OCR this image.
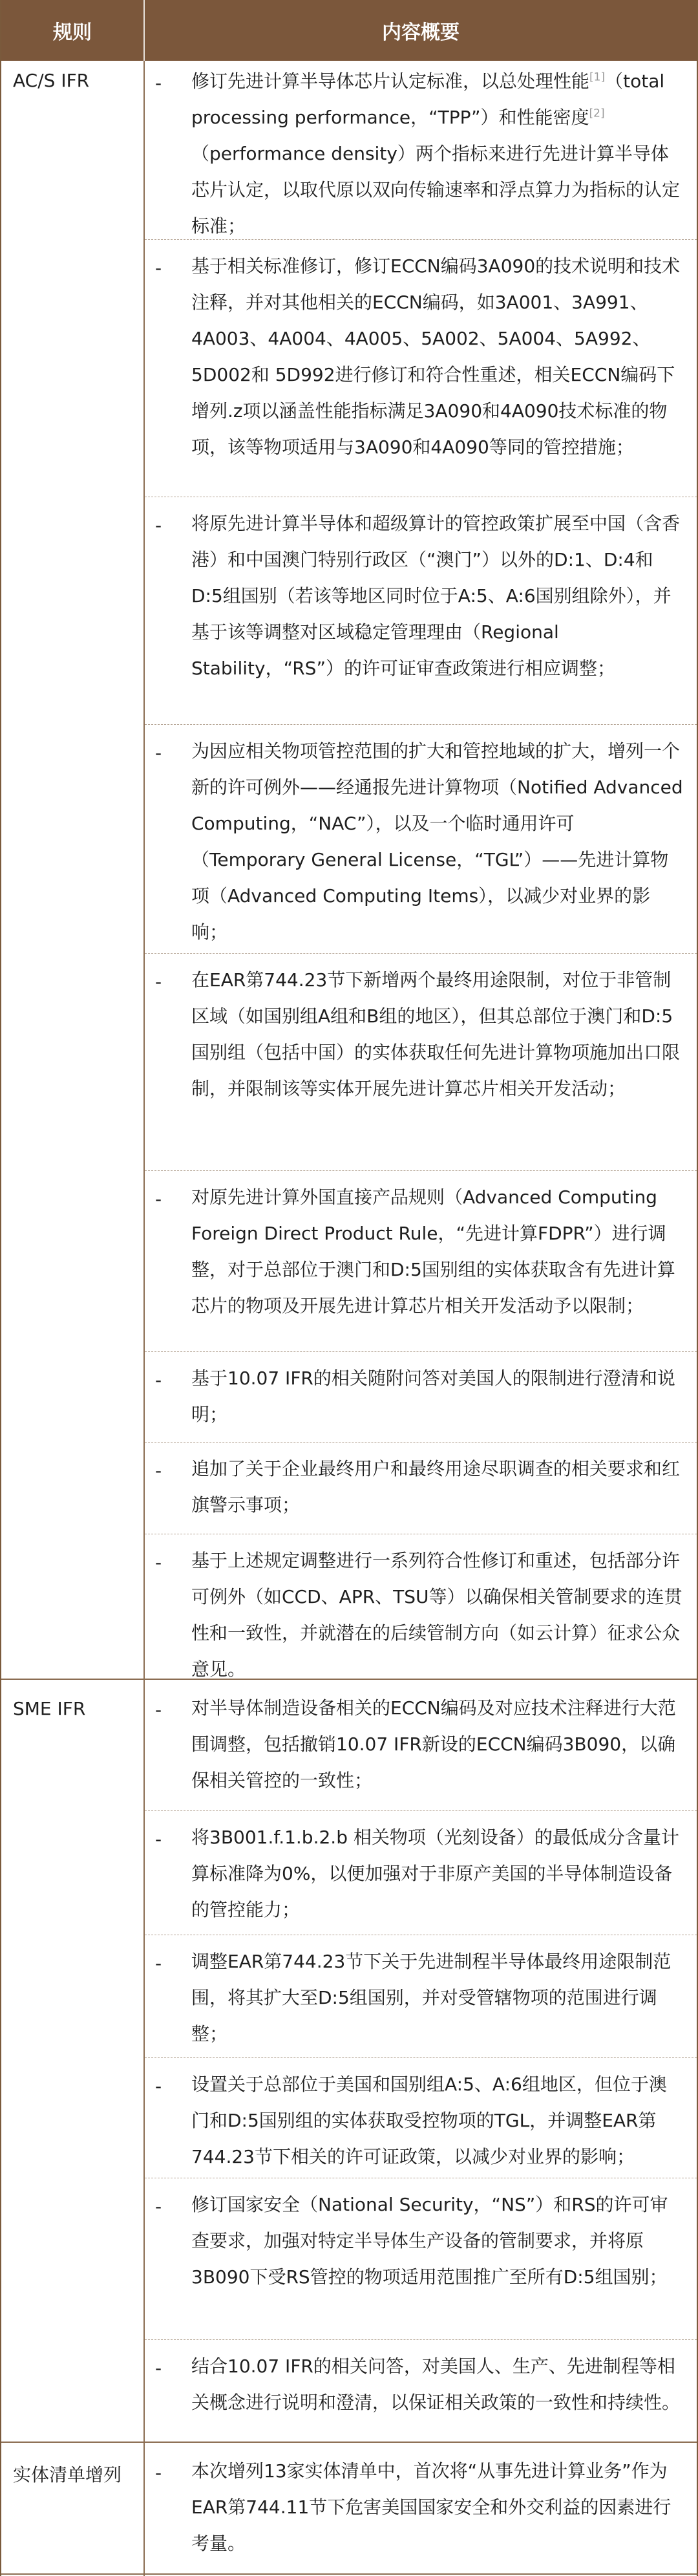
规则	内容概要
AC/S IFR	- 修订先进计算半导体芯片认定标准，以总处理性能[1]（total processing performance，“TPP”）和性能密度[2]（performance density）两个指标来进行先进计算半导体芯片认定，以取代原以双向传输速率和浮点算力为指标的认定标准；
- 基于相关标准修订，修订ECCN编码3A090的技术说明和技术注释，并对其他相关的ECCN编码，如3A001、3A991、 4A003、4A004、4A005、5A002、5A004、5A992、 5D002和 5D992进行修订和符合性重述，相关ECCN编码下增列.z项以涵盖性能指标满足3A090和4A090技术标准的物项，该等物项适用与3A090和4A090等同的管控措施；
- 将原先进计算半导体和超级算计的管控政策扩展至中国（含香港）和中国澳门特别行政区（“澳门”）以外的D:1、D:4和D:5组国别（若该等地区同时位于A:5、A:6国别组除外），并基于该等调整对区域稳定管理理由（Regional Stability，“RS”）的许可证审查政策进行相应调整；
- 为因应相关物项管控范围的扩大和管控地域的扩大，增列一个新的许可例外——经通报先进计算物项（Notified Advanced Computing，“NAC”），以及一个临时通用许可（Temporary General License，“TGL”）——先进计算物项（Advanced Computing Items），以减少对业界的影响；
- 在EAR第744.23节下新增两个最终用途限制，对位于非管制区域（如国别组A组和B组的地区），但其总部位于澳门和D:5国别组（包括中国）的实体获取任何先进计算物项施加出口限制，并限制该等实体开展先进计算芯片相关开发活动；
- 对原先进计算外国直接产品规则（Advanced Computing Foreign Direct Product Rule，“先进计算FDPR”）进行调整，对于总部位于澳门和D:5国别组的实体获取含有先进计算芯片的物项及开展先进计算芯片相关开发活动予以限制；
- 基于10.07 IFR的相关随附问答对美国人的限制进行澄清和说明；
- 追加了关于企业最终用户和最终用途尽职调查的相关要求和红旗警示事项；
- 基于上述规定调整进行一系列符合性修订和重述，包括部分许可例外（如CCD、APR、TSU等）以确保相关管制要求的连贯性和一致性，并就潜在的后续管制方向（如云计算）征求公众意见。
SME IFR	- 对半导体制造设备相关的ECCN编码及对应技术注释进行大范围调整，包括撤销10.07 IFR新设的ECCN编码3B090，以确保相关管控的一致性；
- 将3B001.f.1.b.2.b 相关物项（光刻设备）的最低成分含量计算标准降为0%，以便加强对于非原产美国的半导体制造设备的管控能力；
- 调整EAR第744.23节下关于先进制程半导体最终用途限制范围，将其扩大至D:5组国别，并对受管辖物项的范围进行调整；
- 设置关于总部位于美国和国别组A:5、A:6组地区，但位于澳门和D:5国别组的实体获取受控物项的TGL，并调整EAR第744.23节下相关的许可证政策，以减少对业界的影响；
- 修订国家安全（National Security，“NS”）和RS的许可审查要求，加强对特定半导体生产设备的管制要求，并将原3B090下受RS管控的物项适用范围推广至所有D:5组国别；
- 结合10.07 IFR的相关问答，对美国人、生产、先进制程等相关概念进行说明和澄清，以保证相关政策的一致性和持续性。
实体清单增列 - 本次增列13家实体清单中，首次将“从事先进计算业务”作为EAR第744.11节下危害美国国家安全和外交利益的因素进行考量。
